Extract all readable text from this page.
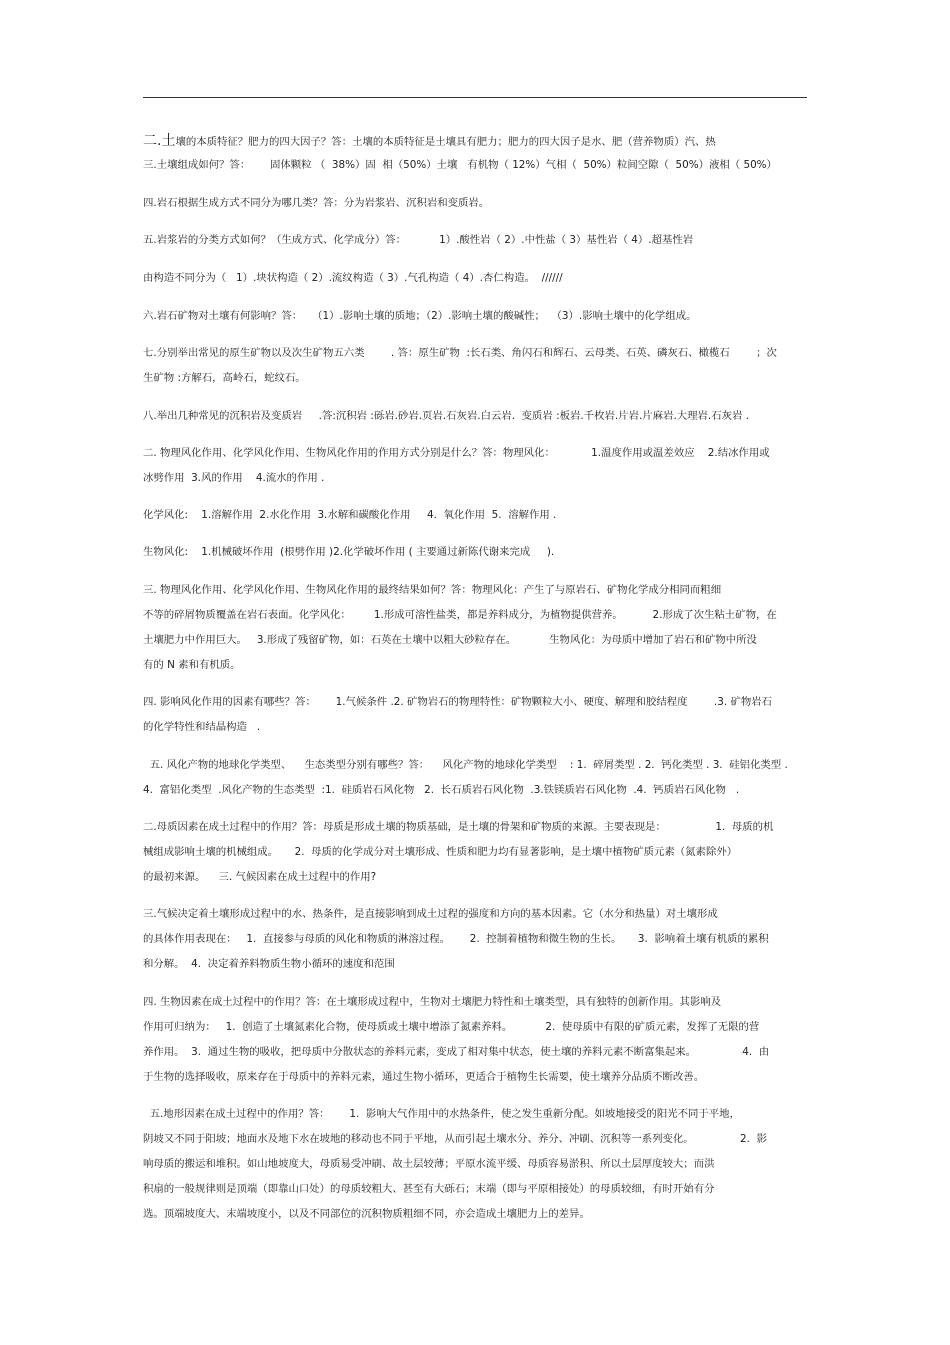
二.土壤的本质特征？肥力的四大因子？答：土壤的本质特征是土壤具有肥力；肥力的四大因子是水、肥（营养物质）汽、热
三.土壤组成如何？答：      固体颗粒 （  38%）固  相（50%）土壤   有机物（ 12%）气相（  50%）粒间空隙（  50%）液相（ 50%）
四.岩石根据生成方式不同分为哪几类？答：分为岩浆岩、沉积岩和变质岩。
五.岩浆岩的分类方式如何？（生成方式、化学成分）答：          1）.酸性岩（ 2）.中性盐（ 3）基性岩（ 4）.超基性岩
由构造不同分为（   1）.块状构造（ 2）.流纹构造（ 3）.气孔构造（ 4）.杏仁构造。  //////
六.岩石矿物对土壤有何影响？答：   （1）.影响土壤的质地；（2）.影响土壤的酸碱性；  （3）.影响土壤中的化学组成。
七.分别举出常见的原生矿物以及次生矿物五六类        . 答：原生矿物  :长石类、角闪石和辉石、云母类、石英、磷灰石、橄榄石        ；次
生矿物 :方解石，高岭石，蛇纹石。
八.举出几种常见的沉积岩及变质岩     .答:沉积岩 :砾岩.砂岩.页岩.石灰岩.白云岩.  变质岩 :板岩.千枚岩.片岩.片麻岩.大理岩.石灰岩 .
二. 物理风化作用、化学风化作用、生物风化作用的作用方式分别是什么？答：物理风化：           1.温度作用或温差效应    2.结冰作用或
冰劈作用  3.风的作用    4.流水的作用 .
化学风化:    1.溶解作用  2.水化作用  3.水解和碳酸化作用     4.  氧化作用  5.  溶解作用 .
生物风化:    1.机械破坏作用  (根劈作用 )2.化学破坏作用 ( 主要通过新陈代谢来完成     ).
三. 物理风化作用、化学风化作用、生物风化作用的最终结果如何？答：物理风化：产生了与原岩石、矿物化学成分相同而粗细
不等的碎屑物质覆盖在岩石表面。化学风化：       1.形成可溶性盐类，都是养料成分，为植物提供营养。         2.形成了次生粘土矿物，在
土壤肥力中作用巨大。   3.形成了残留矿物，如：石英在土壤中以粗大砂粒存在。          生物风化：为母质中增加了岩石和矿物中所没
有的 N 素和有机质。
四. 影响风化作用的因素有哪些？答：      1.气候条件 .2. 矿物岩石的物理特性：矿物颗粒大小、硬度、解理和胶结程度        .3. 矿物岩石
的化学特性和结晶构造   .
五. 风化产物的地球化学类型、    生态类型分别有哪些？答：    风化产物的地球化学类型    : 1.  碎屑类型 . 2.  钙化类型 . 3.  硅铝化类型 .
4.  富铝化类型  .风化产物的生态类型  :1.  硅质岩石风化物   2.  长石质岩石风化物  .3.铁镁质岩石风化物  .4.  钙质岩石风化物   .
二.母质因素在成土过程中的作用？答：母质是形成土壤的物质基础，是土壤的骨架和矿物质的来源。主要表现是：               1.  母质的机
械组成影响土壤的机械组成。     2.  母质的化学成分对土壤形成、性质和肥力均有显著影响，是土壤中植物矿质元素（氮素除外）
的最初来源。    三. 气候因素在成土过程中的作用?
三.气候决定着土壤形成过程中的水、热条件，是直接影响到成土过程的强度和方向的基本因素。它（水分和热量）对土壤形成
的具体作用表现在：   1.  直接参与母质的风化和物质的淋溶过程。      2.  控制着植物和微生物的生长。     3.  影响着土壤有机质的累积
和分解。  4.  决定着养料物质生物小循环的速度和范围
四. 生物因素在成土过程中的作用？答：在土壤形成过程中，生物对土壤肥力特性和土壤类型，具有独特的创新作用。其影响及
作用可归纳为：   1.  创造了土壤氮素化合物，使母质或土壤中增添了氮素养料。          2.  使母质中有限的矿质元素，发挥了无限的营
养作用。  3.  通过生物的吸收，把母质中分散状态的养料元素，变成了相对集中状态，使土壤的养料元素不断富集起来。              4.  由
于生物的选择吸收，原来存在于母质中的养料元素，通过生物小循环，更适合于植物生长需要，使土壤养分品质不断改善。
五.地形因素在成土过程中的作用？答：      1.  影响大气作用中的水热条件，使之发生重新分配。如坡地接受的阳光不同于平地，
阴坡又不同于阳坡；地面水及地下水在坡地的移动也不同于平地，从而引起土壤水分、养分、冲刷、沉积等一系列变化。              2.  影
响母质的搬运和堆积。如山地坡度大，母质易受冲刷、故土层较薄；平原水流平缓、母质容易淤积、所以土层厚度较大；而洪
积扇的一般规律则是顶端（即靠山口处）的母质较粗大、甚至有大砾石；末端（即与平原相接处）的母质较细，有时开始有分
选。顶端坡度大、末端坡度小，以及不同部位的沉积物质粗细不同，亦会造成土壤肥力上的差异。
